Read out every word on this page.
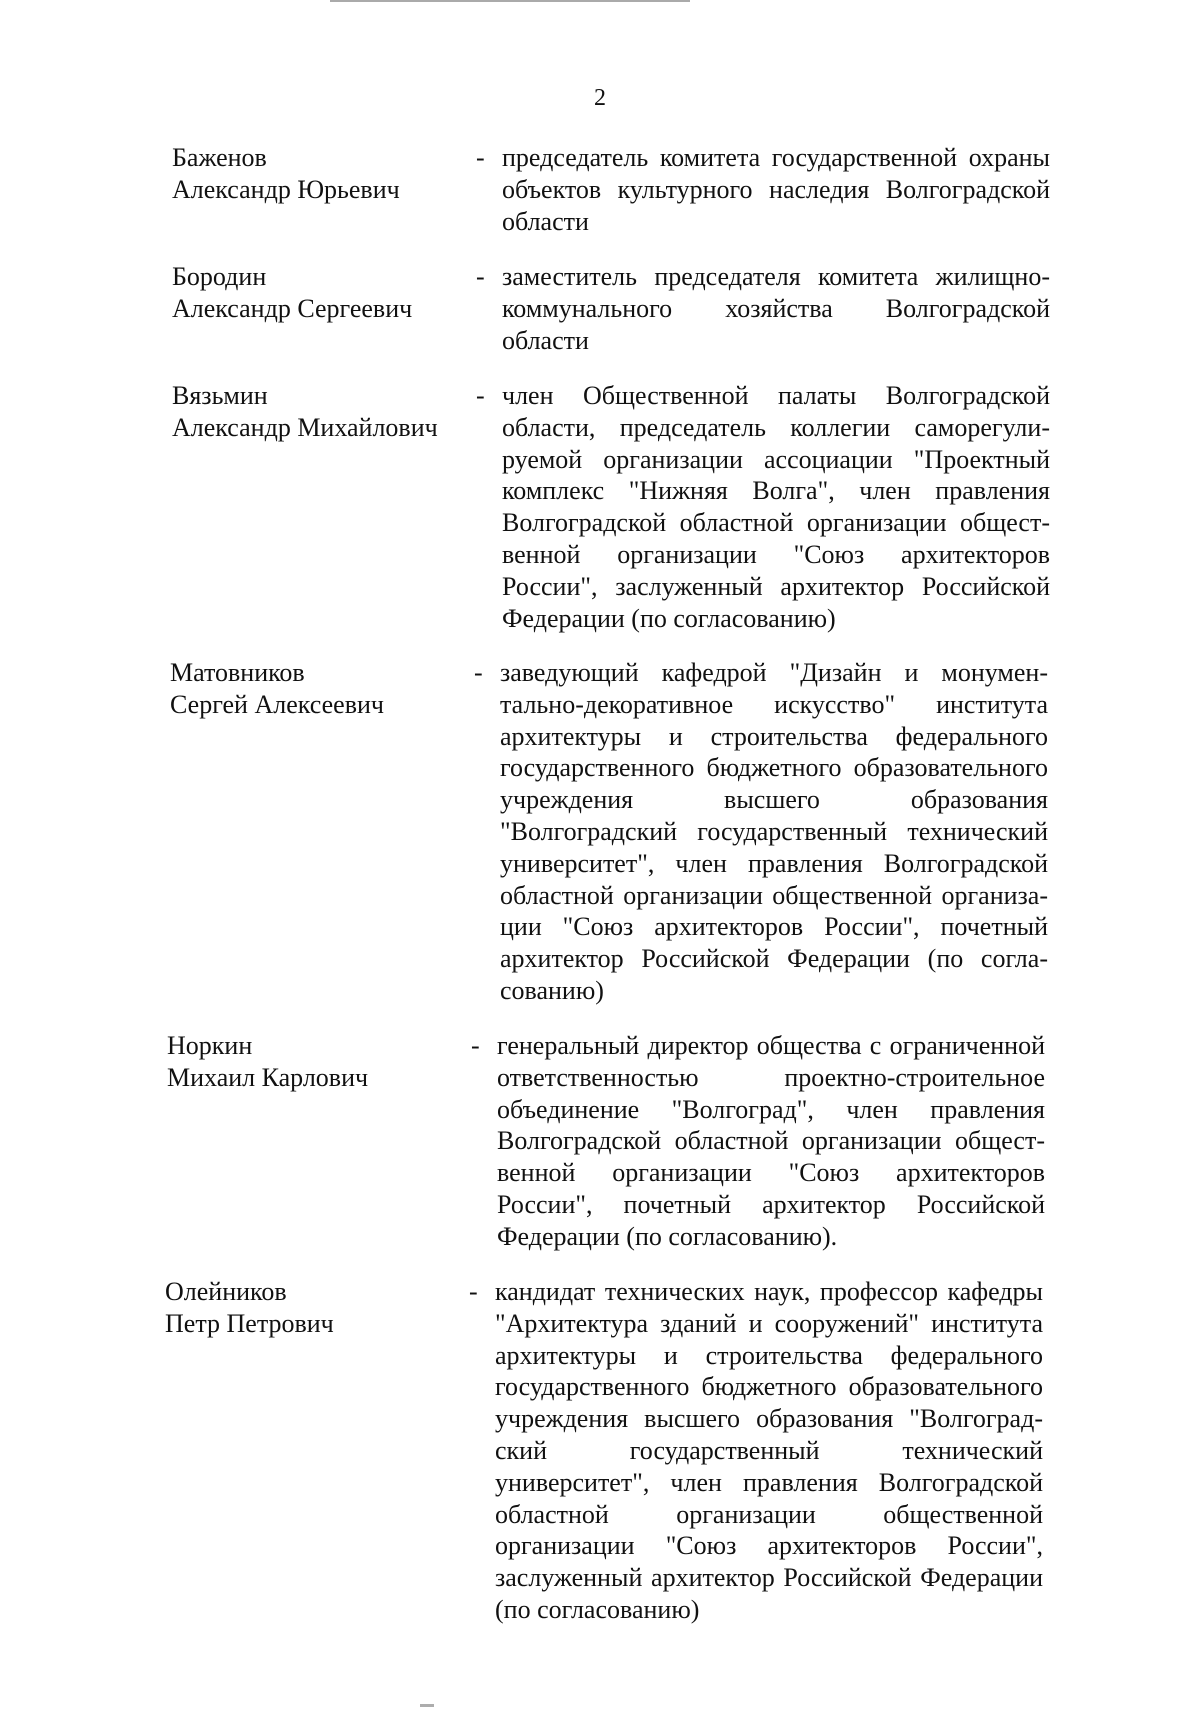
2
Баженов
Александр Юрьевич
- председатель комитета государственной охраны объектов культурного наследия Волгоградской области
Бородин
Александр Сергеевич
- заместитель председателя комитета жилищно-коммунального хозяйства Волгоградской области
Вязьмин
Александр Михайлович
- член Общественной палаты Волгоградской области, председатель коллегии саморегулируемой организации ассоциации "Проектный комплекс "Нижняя Волга", член правления Волгоградской областной организации общественной организации "Союз архитекторов России", заслуженный архитектор Российской Федерации (по согласованию)
Матовников
Сергей Алексеевич
- заведующий кафедрой "Дизайн и монументально-декоративное искусство" института архитектуры и строительства федерального государственного бюджетного образовательного учреждения высшего образования "Волгоградский государственный технический университет", член правления Волгоградской областной организации общественной организации "Союз архитекторов России", почетный архитектор Российской Федерации (по согласованию)
Норкин
Михаил Карлович
- генеральный директор общества с ограниченной ответственностью проектно-строительное объединение "Волгоград", член правления Волгоградской областной организации общественной организации "Союз архитекторов России", почетный архитектор Российской Федерации (по согласованию).
Олейников
Петр Петрович
- кандидат технических наук, профессор кафедры "Архитектура зданий и сооружений" института архитектуры и строительства федерального государственного бюджетного образовательного учреждения высшего образования "Волгоградский государственный технический университет", член правления Волгоградской областной организации общественной организации "Союз архитекторов России", заслуженный архитектор Российской Федерации (по согласованию)
